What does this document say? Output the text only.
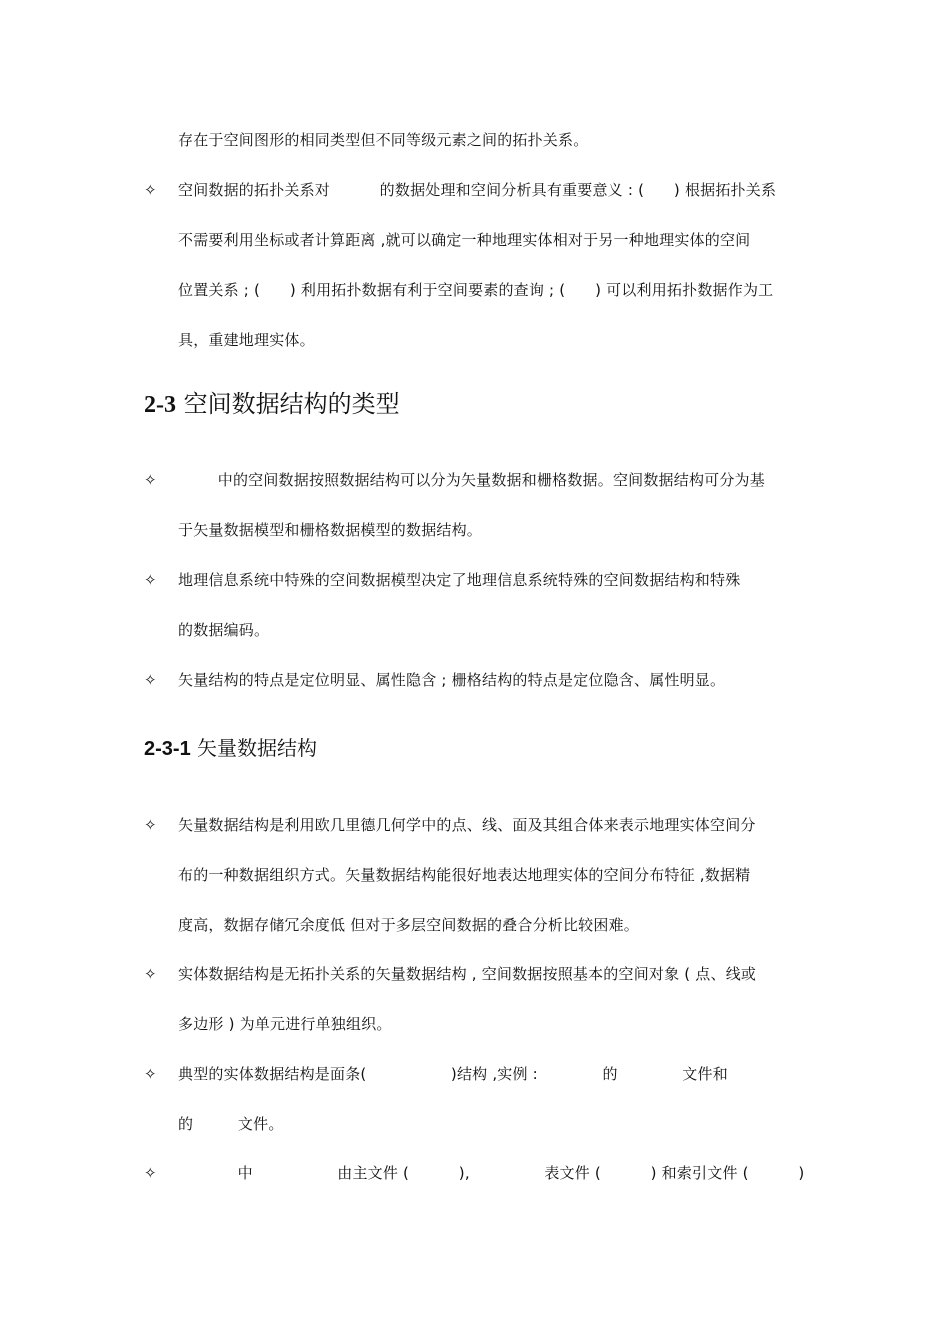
存在于空间图形的相同类型但不同等级元素之间的拓扑关系。
✧ 空间数据的拓扑关系对          的数据处理和空间分析具有重要意义 : (      ) 根据拓扑关系
不需要利用坐标或者计算距离 ,就可以确定一种地理实体相对于另一种地理实体的空间
位置关系 ; (      ) 利用拓扑数据有利于空间要素的查询 ; (      ) 可以利用拓扑数据作为工
具，重建地理实体。
2-3 空间数据结构的类型
✧ 中的空间数据按照数据结构可以分为矢量数据和栅格数据。空间数据结构可分为基
于矢量数据模型和栅格数据模型的数据结构。
✧ 地理信息系统中特殊的空间数据模型决定了地理信息系统特殊的空间数据结构和特殊
的数据编码。
✧ 矢量结构的特点是定位明显、属性隐含 ; 栅格结构的特点是定位隐含、属性明显。
2-3-1 矢量数据结构
✧ 矢量数据结构是利用欧几里德几何学中的点、线、面及其组合体来表示地理实体空间分
布的一种数据组织方式。矢量数据结构能很好地表达地理实体的空间分布特征 ,数据精
度高，数据存储冗余度低 但对于多层空间数据的叠合分析比较困难。
✧ 实体数据结构是无拓扑关系的矢量数据结构 , 空间数据按照基本的空间对象 ( 点、线或
多边形 ) 为单元进行单独组织。
✧ 典型的实体数据结构是面条(                 )结构 ,实例 :             的             文件和
的         文件。
✧ 中                 由主文件 (          ),               表文件 (          ) 和索引文件 (          )
